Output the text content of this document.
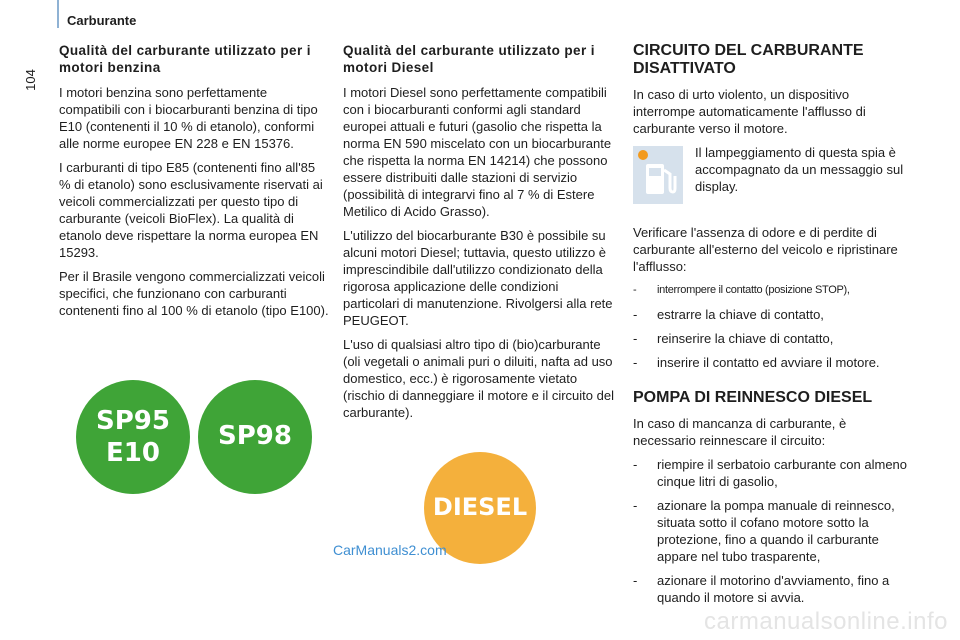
104
Carburante
Qualità del carburante utilizzato per i motori benzina

I motori benzina sono perfettamente compatibili con i biocarburanti benzina di tipo E10 (contenenti il 10 % di etanolo), conformi alle norme europee EN 228 e EN 15376.

I carburanti di tipo E85 (contenenti fino all'85 % di etanolo) sono esclusivamente riservati ai veicoli commercializzati per questo tipo di carburante (veicoli BioFlex). La qualità di etanolo deve rispettare la norma europea EN 15293.

Per il Brasile vengono commercializzati veicoli specifici, che funzionano con carburanti contenenti fino al 100 % di etanolo (tipo E100).

Qualità del carburante utilizzato per i motori Diesel

I motori Diesel sono perfettamente compatibili con i biocarburanti conformi agli standard europei attuali e futuri (gasolio che rispetta la norma EN 590 miscelato con un biocarburante che rispetta la norma EN 14214) che possono essere distribuiti dalle stazioni di servizio (possibilità di integrarvi fino al 7 % di Estere Metilico di Acido Grasso).

L'utilizzo del biocarburante B30 è possibile su alcuni motori Diesel; tuttavia, questo utilizzo è imprescindibile dall'utilizzo condizionato della rigorosa applicazione delle condizioni particolari di manutenzione. Rivolgersi alla rete PEUGEOT.

L'uso di qualsiasi altro tipo di (bio)carburante (oli vegetali o animali puri o diluiti, nafta ad uso domestico, ecc.) è rigorosamente vietato (rischio di danneggiare il motore e il circuito del carburante).

CIRCUITO DEL CARBURANTE DISATTIVATO

In caso di urto violento, un dispositivo interrompe automaticamente l'afflusso di carburante verso il motore.

Il lampeggiamento di questa spia è accompagnato da un messaggio sul display.

Verificare l'assenza di odore e di perdite di carburante all'esterno del veicolo e ripristinare l'afflusso:

- interrompere il contatto (posizione STOP),
- estrarre la chiave di contatto,
- reinserire la chiave di contatto,
- inserire il contatto ed avviare il motore.
POMPA DI REINNESCO DIESEL

In caso di mancanza di carburante, è necessario reinnescare il circuito:

- riempire il serbatoio carburante con almeno cinque litri di gasolio,
- azionare la pompa manuale di reinnesco, situata sotto il cofano motore sotto la protezione, fino a quando il carburante appare nel tubo trasparente,
- azionare il motorino d'avviamento, fino a quando il motore si avvia.
SP95
E10
SP98
DIESEL
CarManuals2.com
carmanualsonline.info
